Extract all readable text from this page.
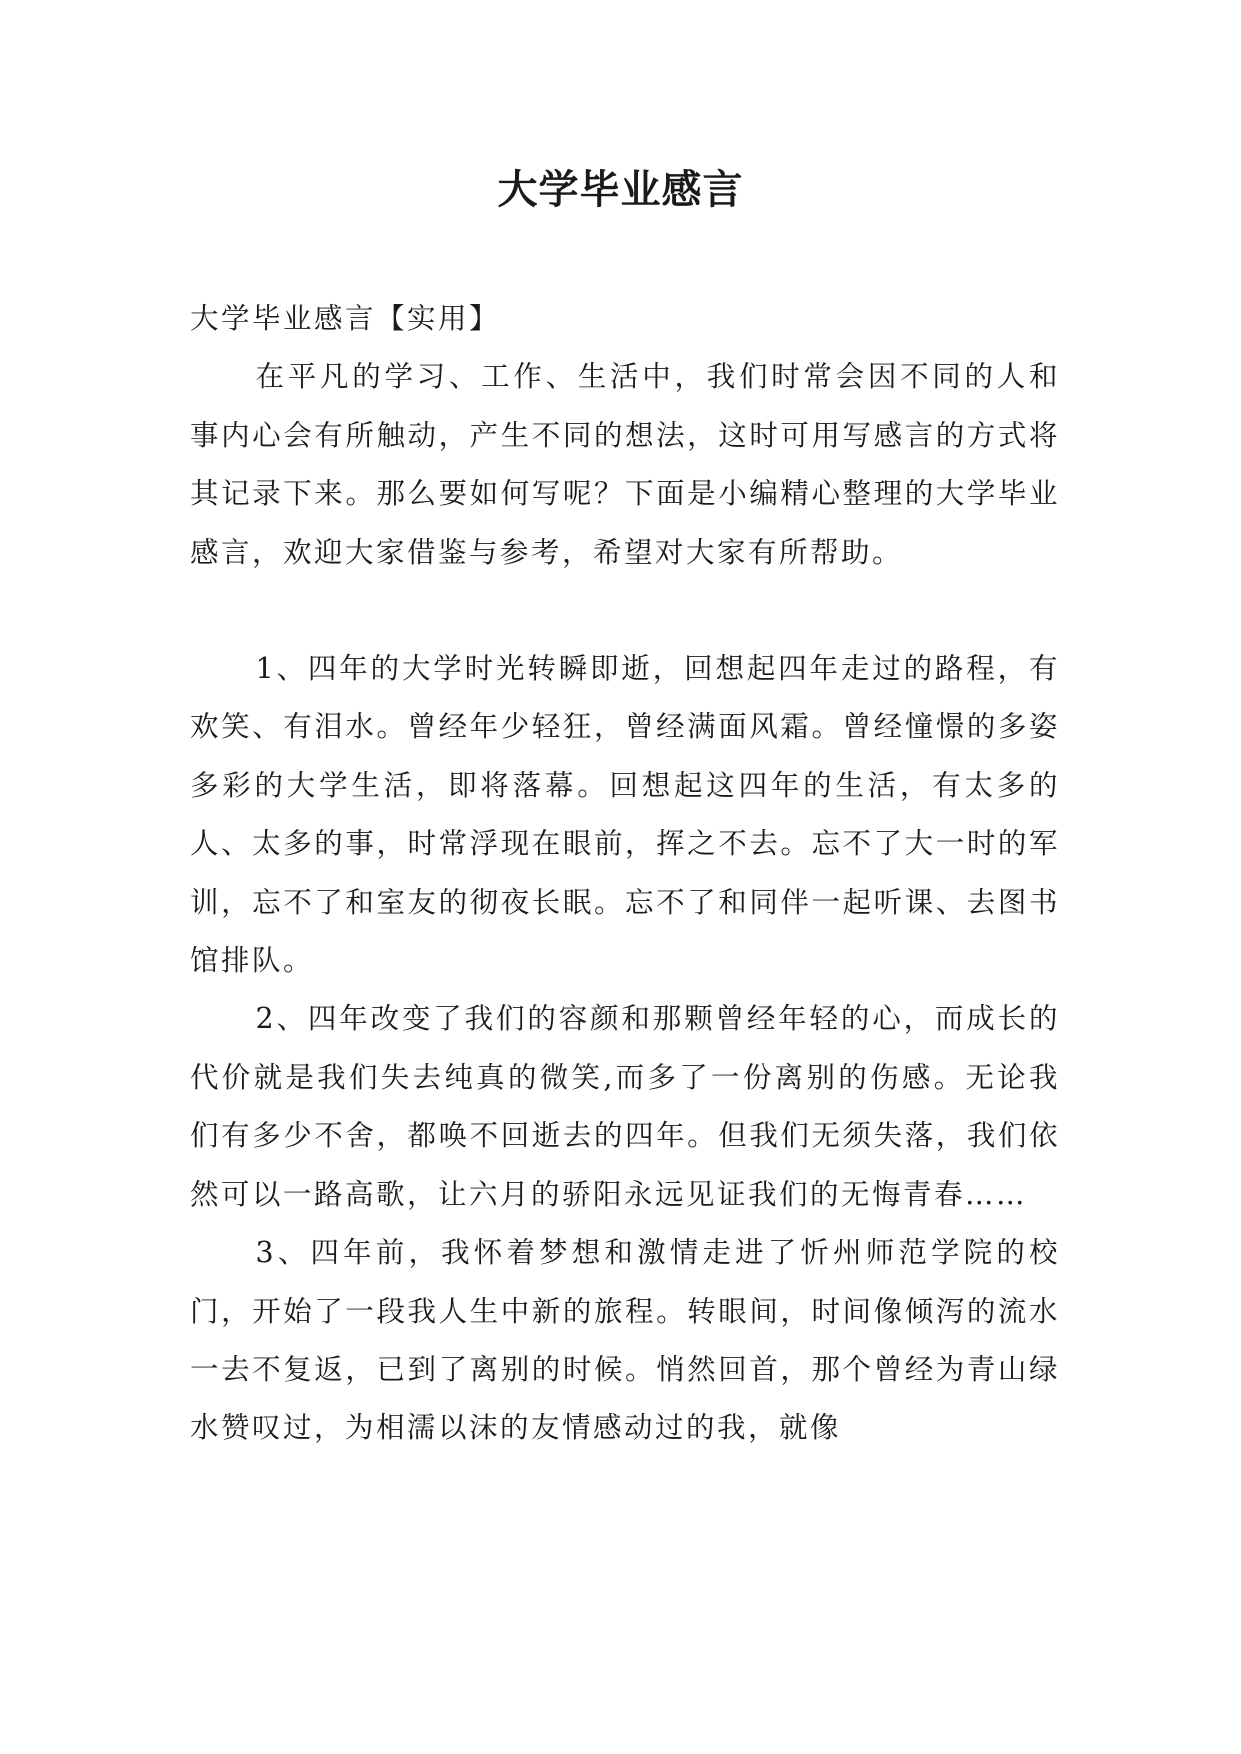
大学毕业感言

大学毕业感言【实用】

在平凡的学习、工作、生活中，我们时常会因不同的人和事内心会有所触动，产生不同的想法，这时可用写感言的方式将其记录下来。那么要如何写呢？下面是小编精心整理的大学毕业感言，欢迎大家借鉴与参考，希望对大家有所帮助。

1、四年的大学时光转瞬即逝，回想起四年走过的路程，有欢笑、有泪水。曾经年少轻狂，曾经满面风霜。曾经憧憬的多姿多彩的大学生活，即将落幕。回想起这四年的生活，有太多的人、太多的事，时常浮现在眼前，挥之不去。忘不了大一时的军训，忘不了和室友的彻夜长眠。忘不了和同伴一起听课、去图书馆排队。

2、四年改变了我们的容颜和那颗曾经年轻的心，而成长的代价就是我们失去纯真的微笑,而多了一份离别的伤感。无论我们有多少不舍，都唤不回逝去的四年。但我们无须失落，我们依然可以一路高歌，让六月的骄阳永远见证我们的无悔青春……

3、四年前，我怀着梦想和激情走进了忻州师范学院的校门，开始了一段我人生中新的旅程。转眼间，时间像倾泻的流水一去不复返，已到了离别的时候。悄然回首，那个曾经为青山绿水赞叹过，为相濡以沫的友情感动过的我，就像
